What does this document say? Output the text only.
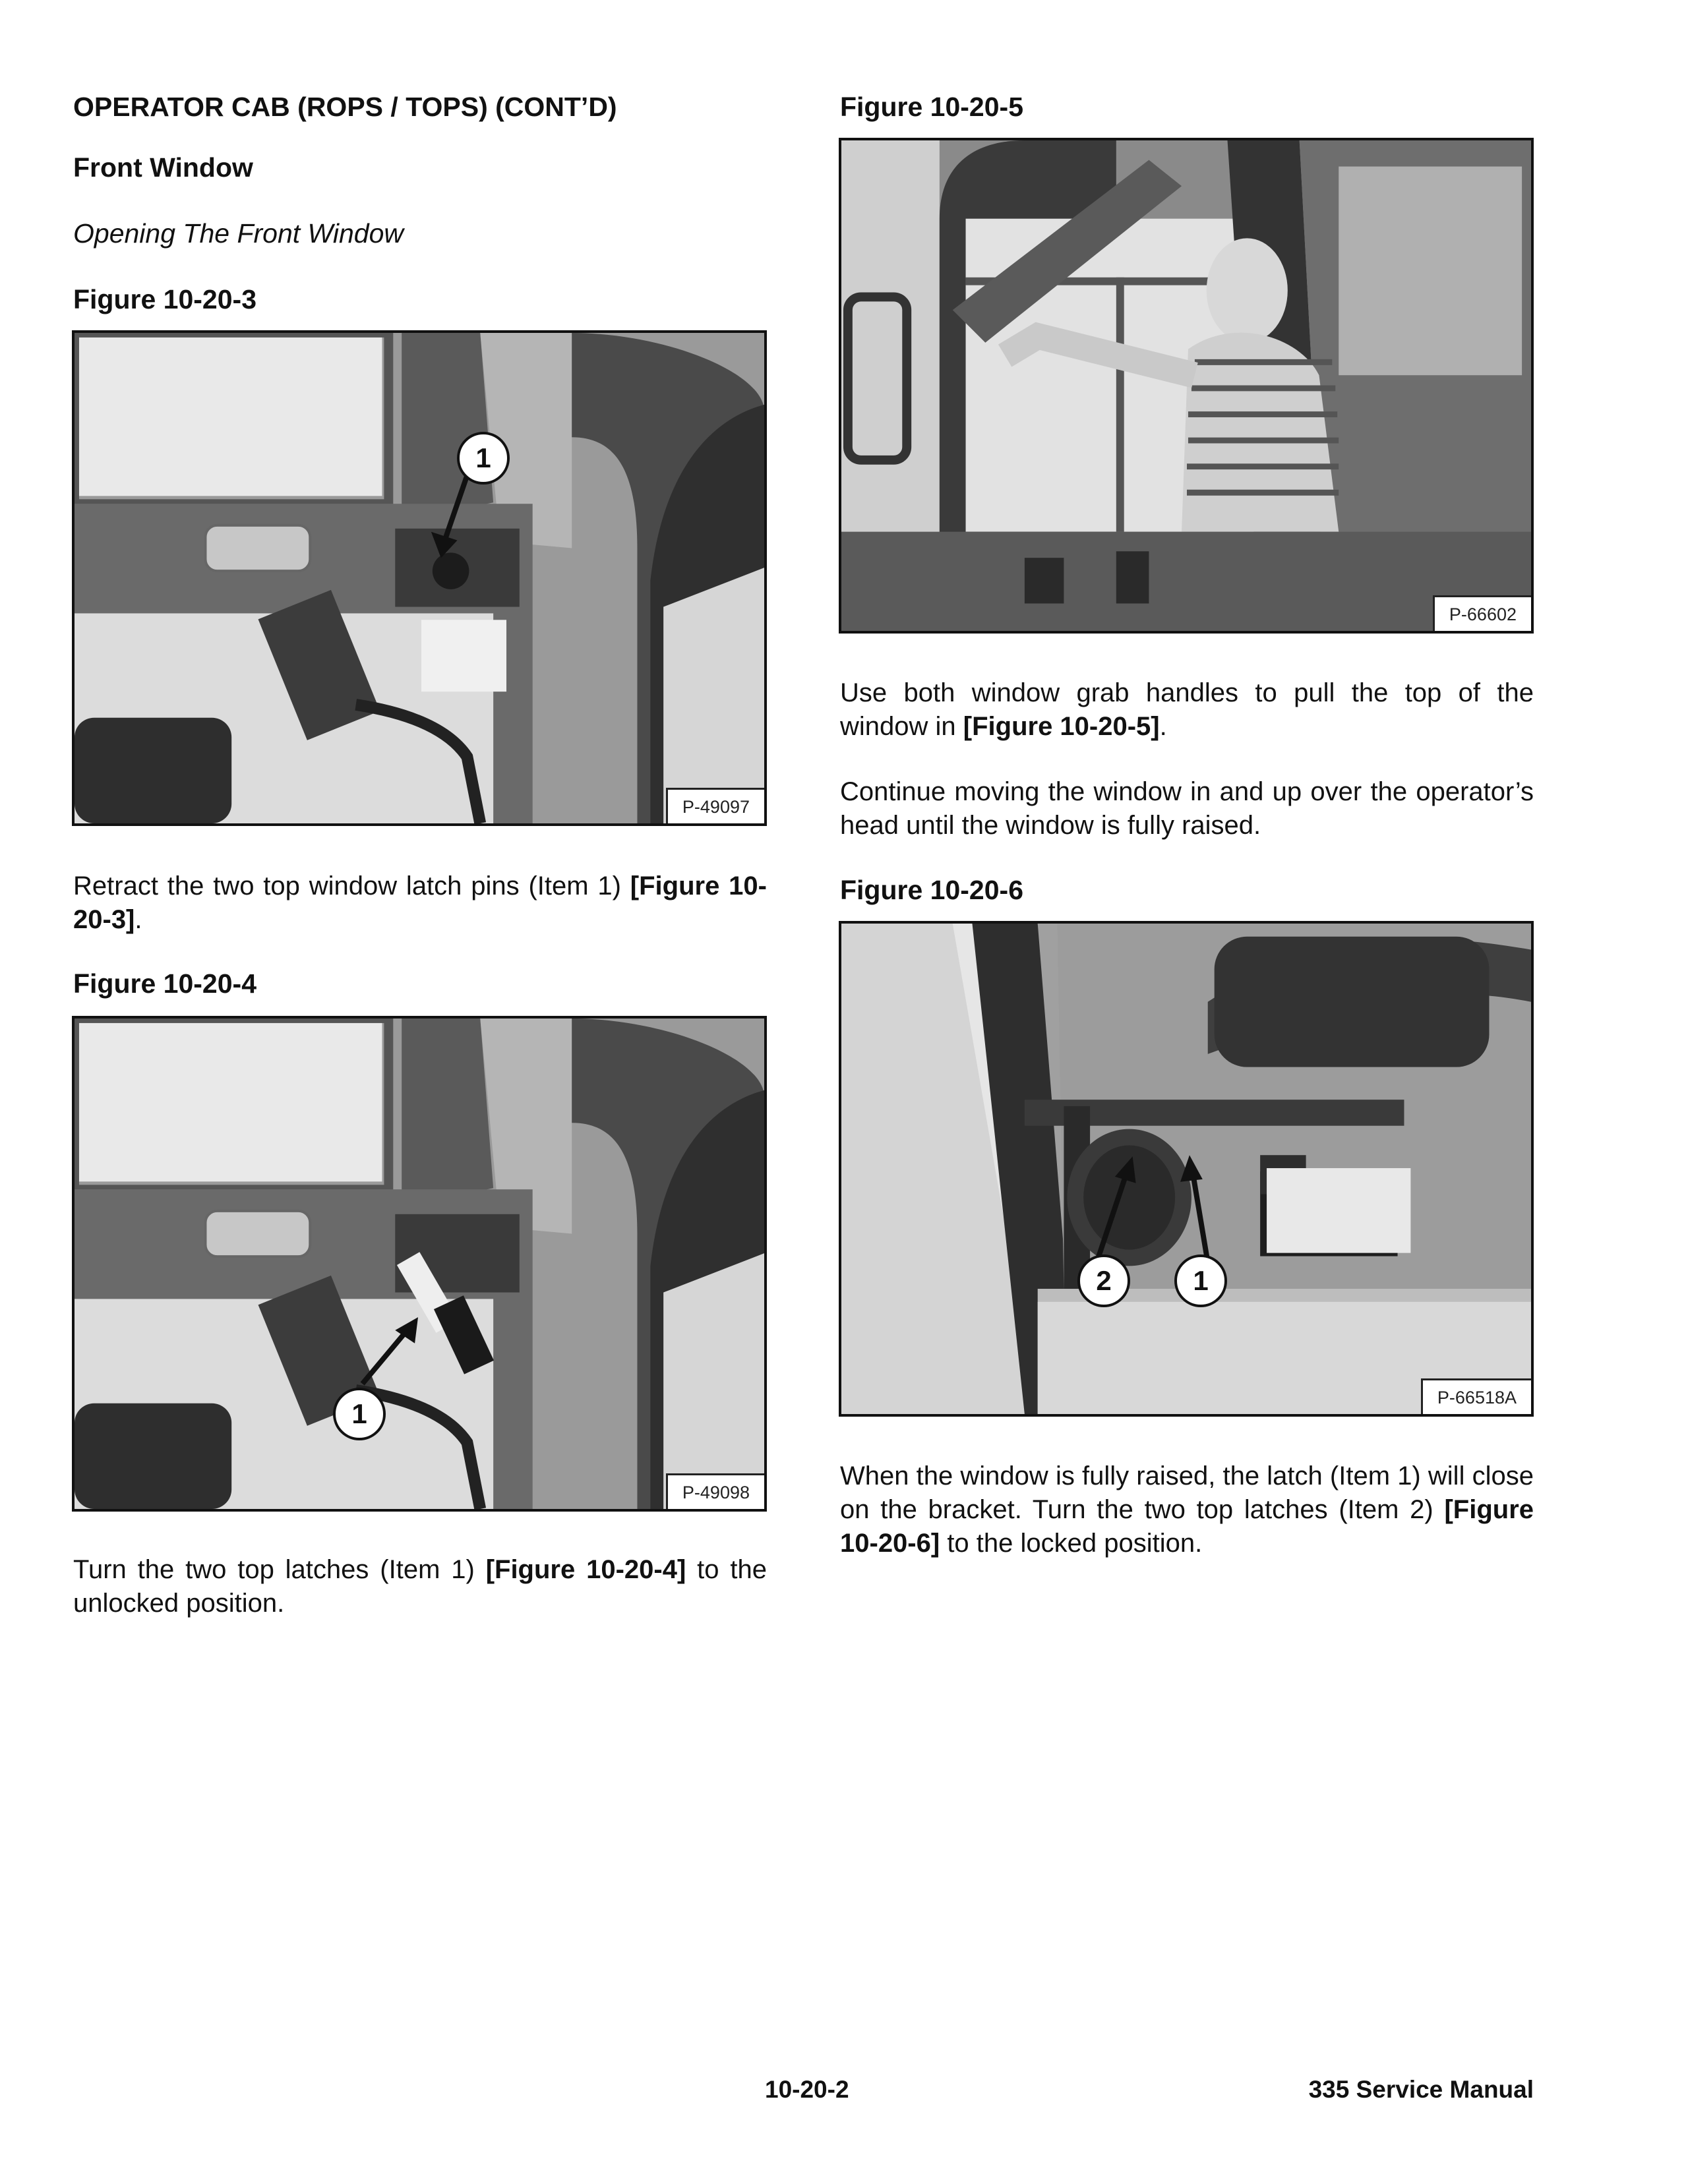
OPERATOR CAB (ROPS / TOPS) (CONT’D)
Front Window
Opening The Front Window
Figure 10-20-3
1
P-49097
Retract the two top window latch pins (Item 1) [Figure 10-20-3].
Figure 10-20-4
1
P-49098
Turn the two top latches (Item 1) [Figure 10-20-4] to the unlocked position.
Figure 10-20-5
P-66602
Use both window grab handles to pull the top of the window in [Figure 10-20-5].
Continue moving the window in and up over the operator’s head until the window is fully raised.
Figure 10-20-6
2	1
P-66518A
When the window is fully raised, the latch (Item 1) will close on the bracket. Turn the two top latches (Item 2) [Figure 10-20-6] to the locked position.
10-20-2	335 Service Manual
